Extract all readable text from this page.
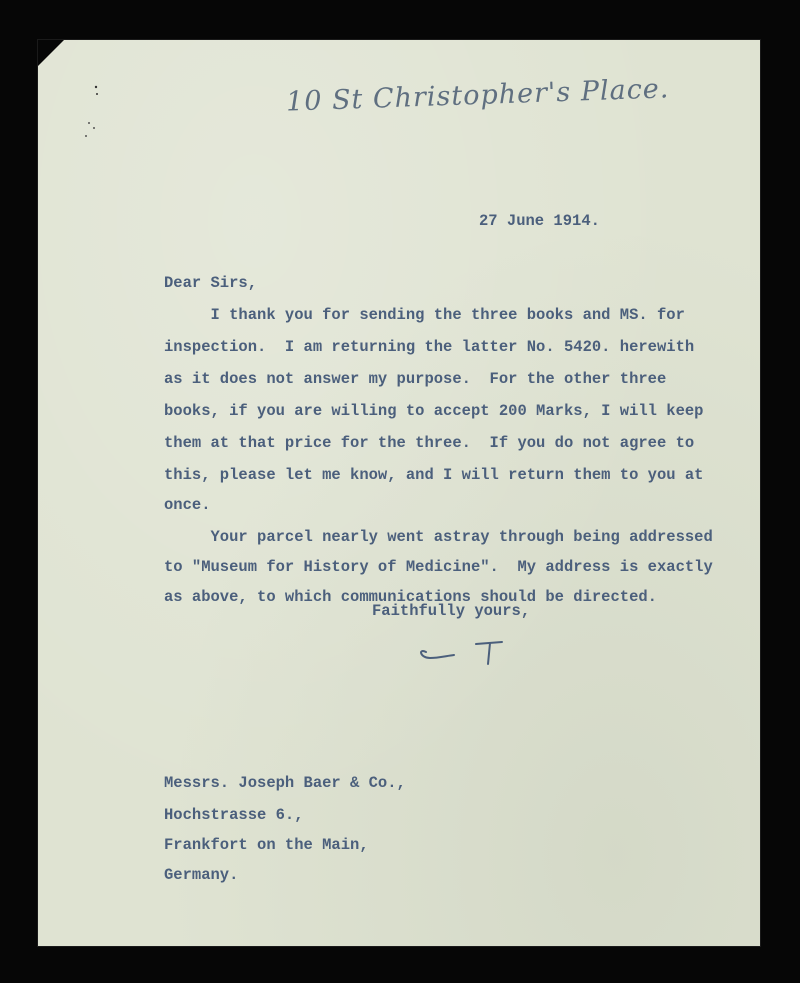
10 St Christopher's Place.
27 June 1914.
Dear Sirs,
I thank you for sending the three books and MS. for
inspection.  I am returning the latter No. 5420. herewith
as it does not answer my purpose.  For the other three
books, if you are willing to accept 200 Marks, I will keep
them at that price for the three.  If you do not agree to
this, please let me know, and I will return them to you at
once.
Your parcel nearly went astray through being addressed
to "Museum for History of Medicine".  My address is exactly
as above, to which communications should be directed.
Faithfully yours,
Messrs. Joseph Baer & Co.,
Hochstrasse 6.,
Frankfort on the Main,
Germany.
